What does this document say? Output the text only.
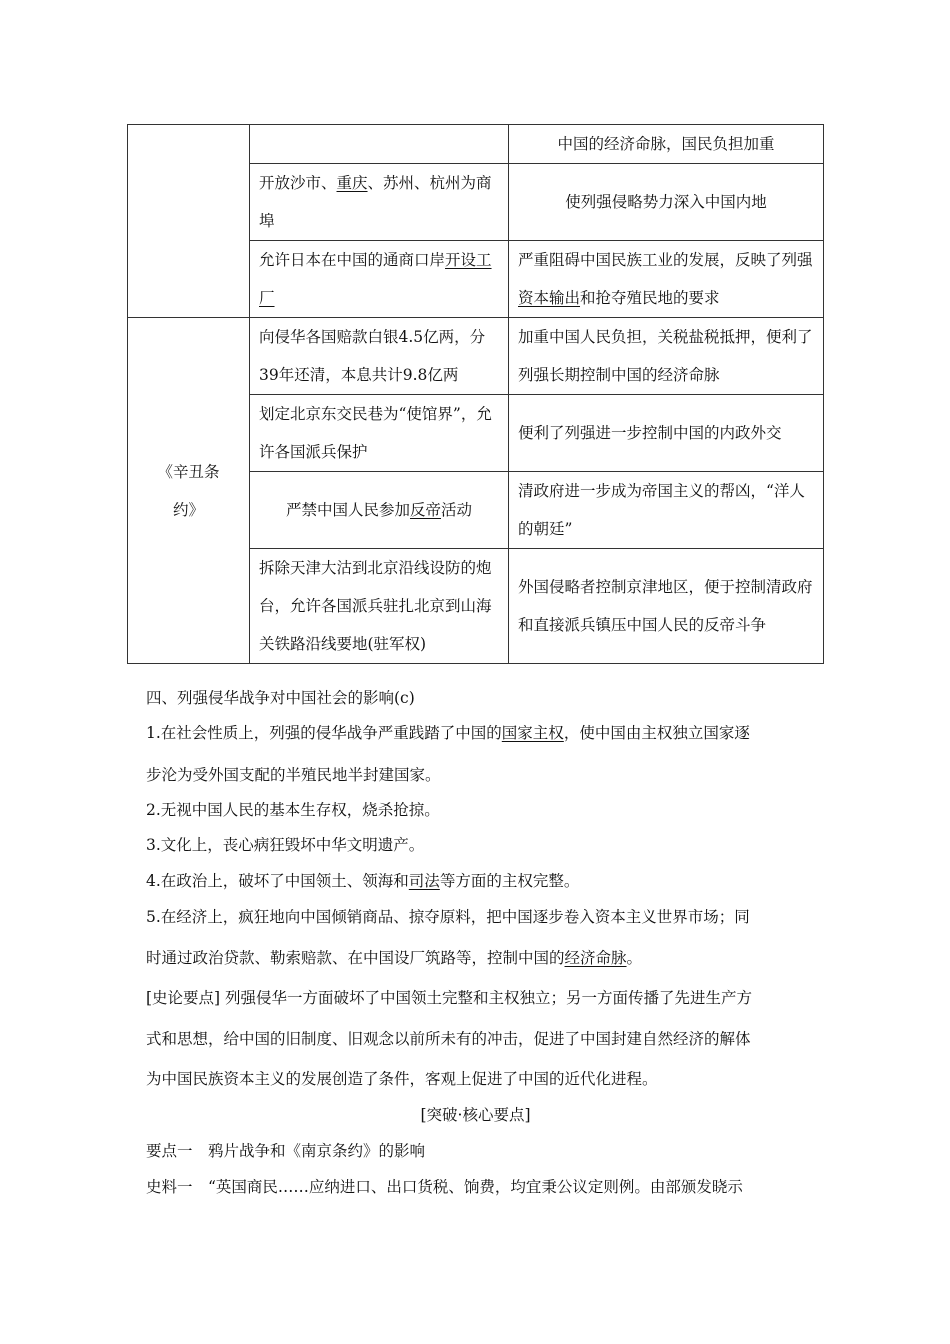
		中国的经济命脉，国民负担加重
	开放沙市、重庆、苏州、杭州为商埠	使列强侵略势力深入中国内地
	允许日本在中国的通商口岸开设工厂	严重阻碍中国民族工业的发展，反映了列强资本输出和抢夺殖民地的要求
《辛丑条约》	向侵华各国赔款白银4.5亿两，分39年还清，本息共计9.8亿两	加重中国人民负担，关税盐税抵押，便利了列强长期控制中国的经济命脉
	划定北京东交民巷为“使馆界”，允许各国派兵保护	便利了列强进一步控制中国的内政外交
	严禁中国人民参加反帝活动	清政府进一步成为帝国主义的帮凶，“洋人的朝廷”
	拆除天津大沽到北京沿线设防的炮台，允许各国派兵驻扎北京到山海关铁路沿线要地(驻军权)	外国侵略者控制京津地区，便于控制清政府和直接派兵镇压中国人民的反帝斗争
四、列强侵华战争对中国社会的影响(c)
1.在社会性质上，列强的侵华战争严重践踏了中国的国家主权，使中国由主权独立国家逐
步沦为受外国支配的半殖民地半封建国家。
2.无视中国人民的基本生存权，烧杀抢掠。
3.文化上，丧心病狂毁坏中华文明遗产。
4.在政治上，破坏了中国领土、领海和司法等方面的主权完整。
5.在经济上，疯狂地向中国倾销商品、掠夺原料，把中国逐步卷入资本主义世界市场；同
时通过政治贷款、勒索赔款、在中国设厂筑路等，控制中国的经济命脉。
[史论要点] 列强侵华一方面破坏了中国领土完整和主权独立；另一方面传播了先进生产方
式和思想，给中国的旧制度、旧观念以前所未有的冲击，促进了中国封建自然经济的解体
为中国民族资本主义的发展创造了条件，客观上促进了中国的近代化进程。
[突破·核心要点]
要点一　鸦片战争和《南京条约》的影响
史料一　“英国商民……应纳进口、出口货税、饷费，均宜秉公议定则例。由部颁发晓示
